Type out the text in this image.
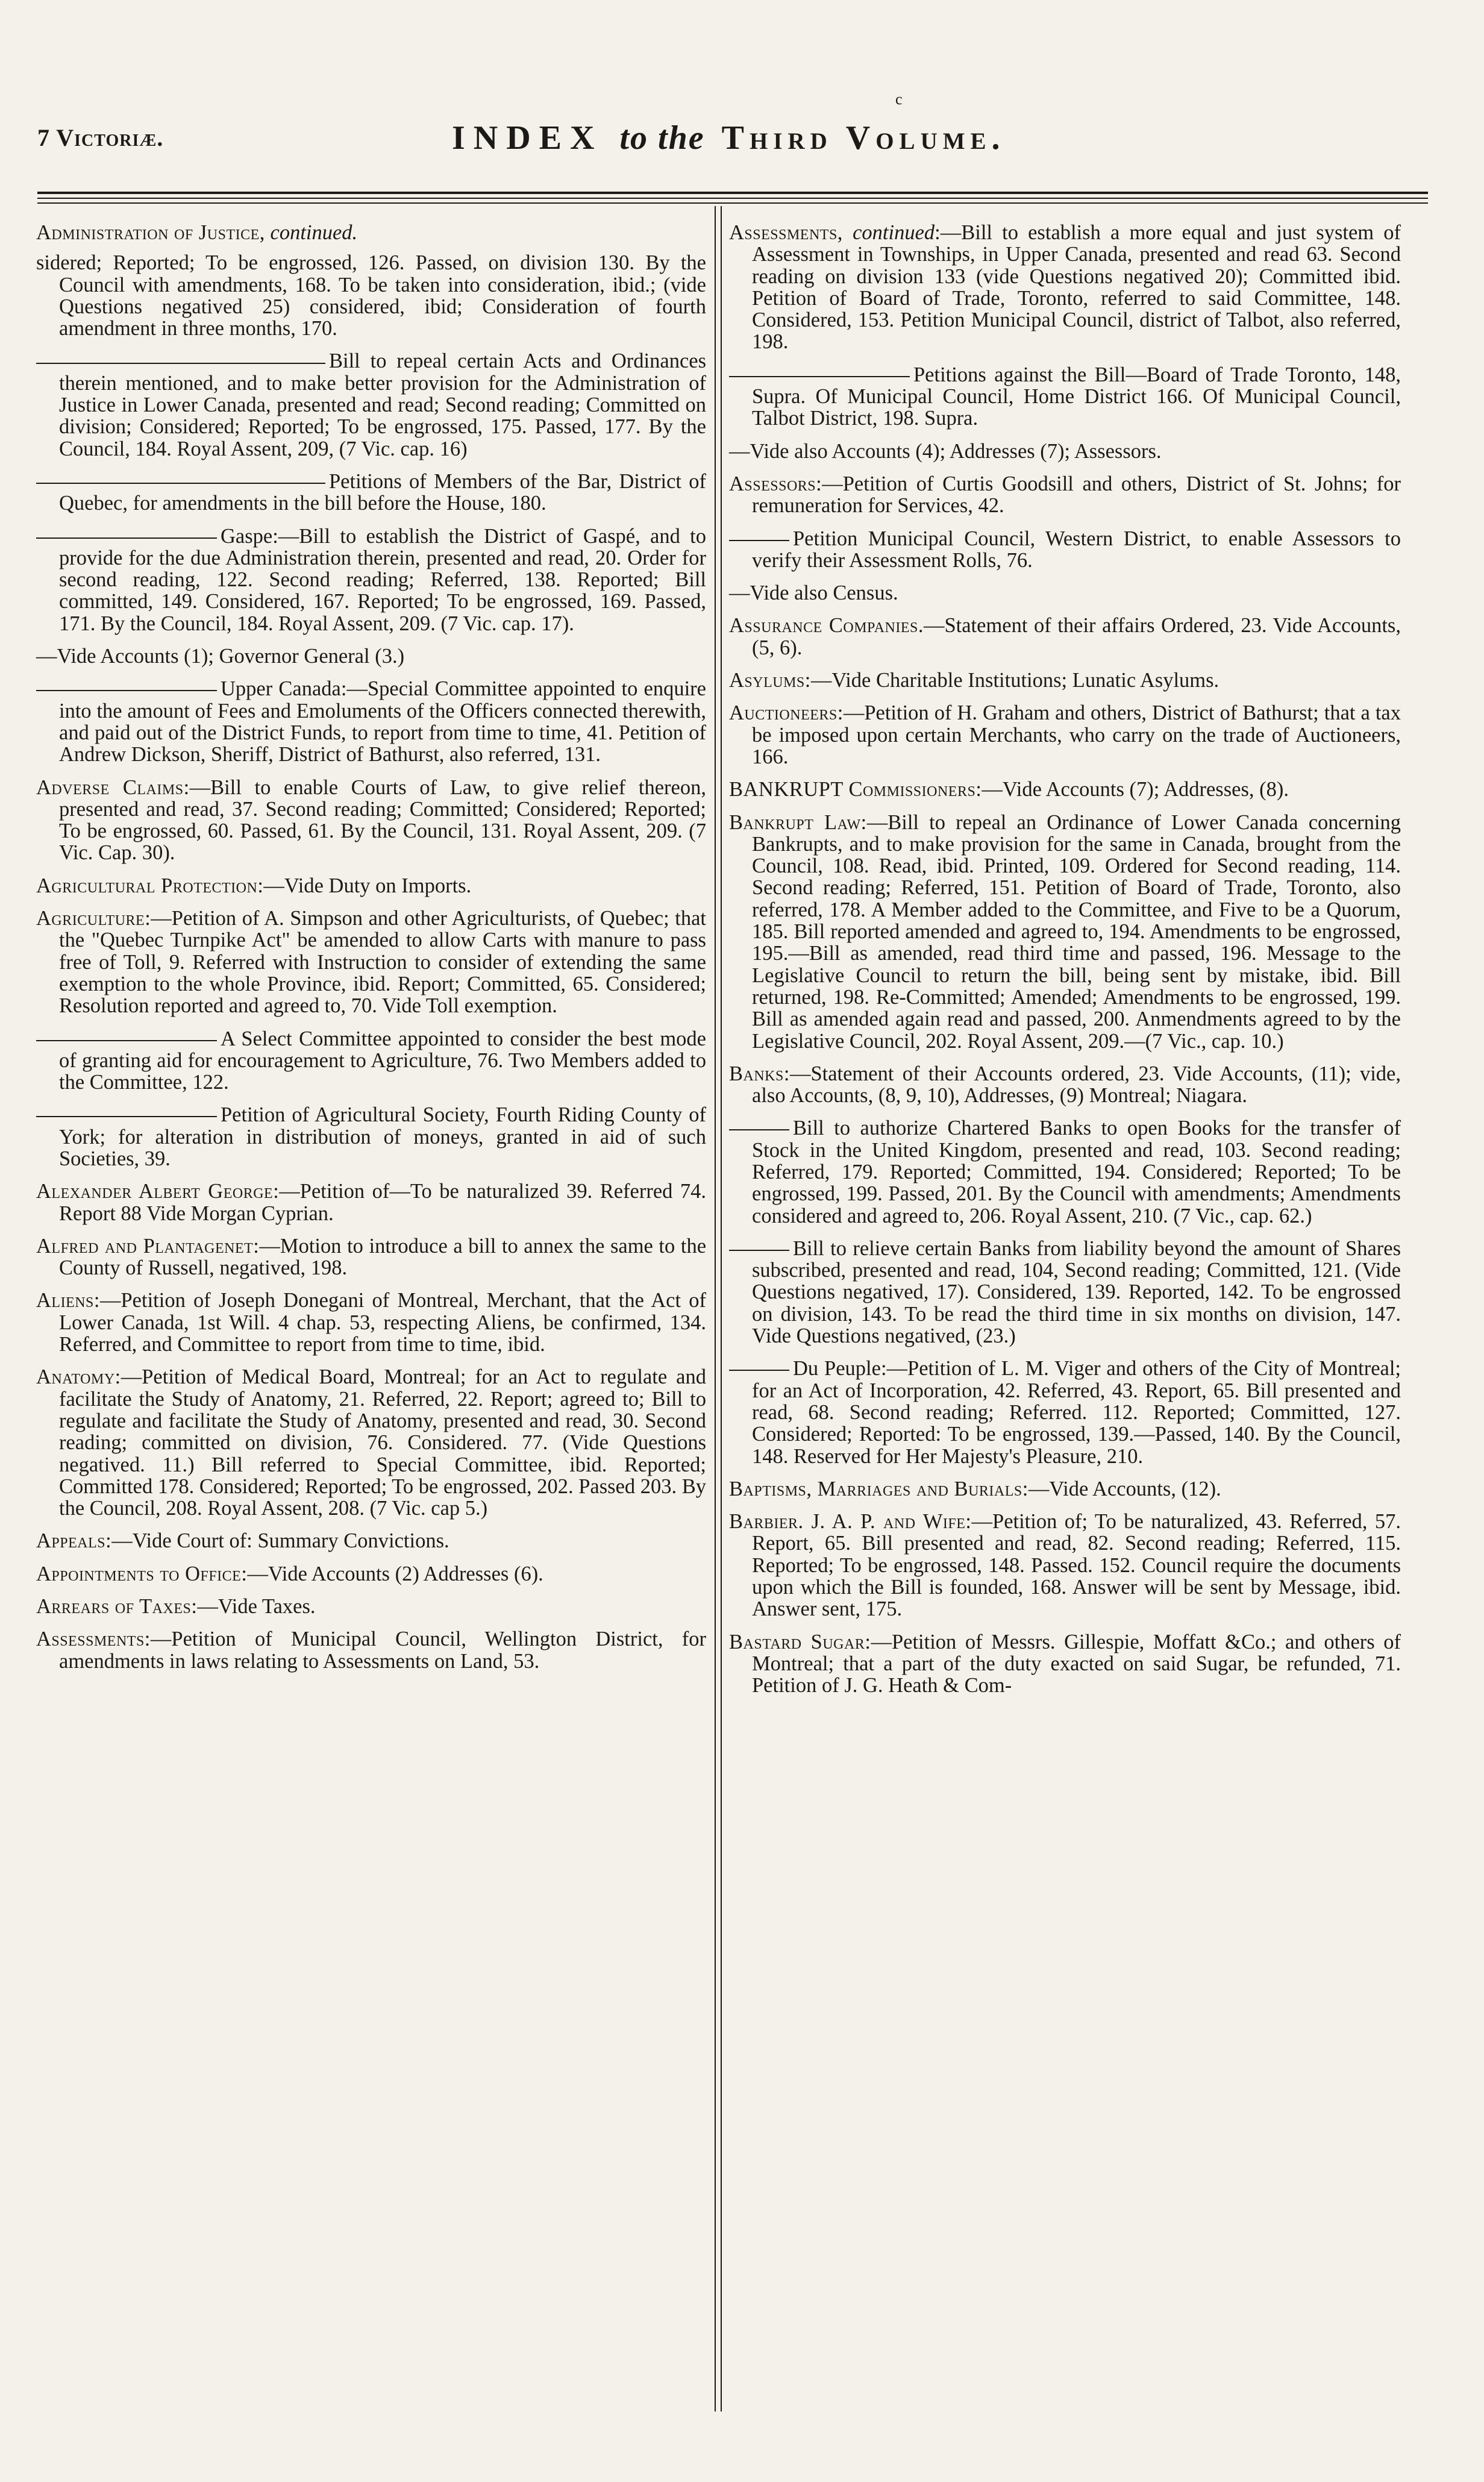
c
7 Victoriæ.	INDEX to the Third Volume.

Administration of Justice, continued.

sidered; Reported; To be engrossed, 126. Passed, on division 130. By the Council with amendments, 168. To be taken into consideration, ibid.; (vide Questions negatived 25) considered, ibid; Consideration of fourth amendment in three months, 170.

Bill to repeal certain Acts and Ordinances therein mentioned, and to make better provision for the Administration of Justice in Lower Canada, presented and read; Second reading; Committed on division; Considered; Reported; To be engrossed, 175. Passed, 177. By the Council, 184. Royal Assent, 209, (7 Vic. cap. 16)

Petitions of Members of the Bar, District of Quebec, for amendments in the bill before the House, 180.

Gaspe:—Bill to establish the District of Gaspé, and to provide for the due Administration therein, presented and read, 20. Order for second reading, 122. Second reading; Referred, 138. Reported; Bill committed, 149. Considered, 167. Reported; To be engrossed, 169. Passed, 171. By the Council, 184. Royal Assent, 209. (7 Vic. cap. 17).

—Vide Accounts (1); Governor General (3.)

Upper Canada:—Special Committee appointed to enquire into the amount of Fees and Emoluments of the Officers connected therewith, and paid out of the District Funds, to report from time to time, 41. Petition of Andrew Dickson, Sheriff, District of Bathurst, also referred, 131.

Adverse Claims:—Bill to enable Courts of Law, to give relief thereon, presented and read, 37. Second reading; Committed; Considered; Reported; To be engrossed, 60. Passed, 61. By the Council, 131. Royal Assent, 209. (7 Vic. Cap. 30).

Agricultural Protection:—Vide Duty on Imports.

Agriculture:—Petition of A. Simpson and other Agriculturists, of Quebec; that the "Quebec Turnpike Act" be amended to allow Carts with manure to pass free of Toll, 9. Referred with Instruction to consider of extending the same exemption to the whole Province, ibid. Report; Committed, 65. Considered; Resolution reported and agreed to, 70. Vide Toll exemption.

A Select Committee appointed to consider the best mode of granting aid for encouragement to Agriculture, 76. Two Members added to the Committee, 122.

Petition of Agricultural Society, Fourth Riding County of York; for alteration in distribution of moneys, granted in aid of such Societies, 39.

Alexander Albert George:—Petition of—To be naturalized 39. Referred 74. Report 88 Vide Morgan Cyprian.

Alfred and Plantagenet:—Motion to introduce a bill to annex the same to the County of Russell, negatived, 198.

Aliens:—Petition of Joseph Donegani of Montreal, Merchant, that the Act of Lower Canada, 1st Will. 4 chap. 53, respecting Aliens, be confirmed, 134. Referred, and Committee to report from time to time, ibid.

Anatomy:—Petition of Medical Board, Montreal; for an Act to regulate and facilitate the Study of Anatomy, 21. Referred, 22. Report; agreed to; Bill to regulate and facilitate the Study of Anatomy, presented and read, 30. Second reading; committed on division, 76. Considered. 77. (Vide Questions negatived. 11.) Bill referred to Special Committee, ibid. Reported; Committed 178. Considered; Reported; To be engrossed, 202. Passed 203. By the Council, 208. Royal Assent, 208. (7 Vic. cap 5.)

Appeals:—Vide Court of: Summary Convictions.

Appointments to Office:—Vide Accounts (2) Addresses (6).

Arrears of Taxes:—Vide Taxes.

Assessments:—Petition of Municipal Council, Wellington District, for amendments in laws relating to Assessments on Land, 53.

Assessments, continued:—Bill to establish a more equal and just system of Assessment in Townships, in Upper Canada, presented and read 63. Second reading on division 133 (vide Questions negatived 20); Committed ibid. Petition of Board of Trade, Toronto, referred to said Committee, 148. Considered, 153. Petition Municipal Council, district of Talbot, also referred, 198.

Petitions against the Bill—Board of Trade Toronto, 148, Supra. Of Municipal Council, Home District 166. Of Municipal Council, Talbot District, 198. Supra.

—Vide also Accounts (4); Addresses (7); Assessors.

Assessors:—Petition of Curtis Goodsill and others, District of St. Johns; for remuneration for Services, 42.

Petition Municipal Council, Western District, to enable Assessors to verify their Assessment Rolls, 76.

—Vide also Census.

Assurance Companies.—Statement of their affairs Ordered, 23. Vide Accounts, (5, 6).

Asylums:—Vide Charitable Institutions; Lunatic Asylums.

Auctioneers:—Petition of H. Graham and others, District of Bathurst; that a tax be imposed upon certain Merchants, who carry on the trade of Auctioneers, 166.

BANKRUPT Commissioners:—Vide Accounts (7); Addresses, (8).

Bankrupt Law:—Bill to repeal an Ordinance of Lower Canada concerning Bankrupts, and to make provision for the same in Canada, brought from the Council, 108. Read, ibid. Printed, 109. Ordered for Second reading, 114. Second reading; Referred, 151. Petition of Board of Trade, Toronto, also referred, 178. A Member added to the Committee, and Five to be a Quorum, 185. Bill reported amended and agreed to, 194. Amendments to be engrossed, 195.—Bill as amended, read third time and passed, 196. Message to the Legislative Council to return the bill, being sent by mistake, ibid. Bill returned, 198. Re-Committed; Amended; Amendments to be engrossed, 199. Bill as amended again read and passed, 200. Anmendments agreed to by the Legislative Council, 202. Royal Assent, 209.—(7 Vic., cap. 10.)

Banks:—Statement of their Accounts ordered, 23. Vide Accounts, (11); vide, also Accounts, (8, 9, 10), Addresses, (9) Montreal; Niagara.

Bill to authorize Chartered Banks to open Books for the transfer of Stock in the United Kingdom, presented and read, 103. Second reading; Referred, 179. Reported; Committed, 194. Considered; Reported; To be engrossed, 199. Passed, 201. By the Council with amendments; Amendments considered and agreed to, 206. Royal Assent, 210. (7 Vic., cap. 62.)

Bill to relieve certain Banks from liability beyond the amount of Shares subscribed, presented and read, 104, Second reading; Committed, 121. (Vide Questions negatived, 17). Considered, 139. Reported, 142. To be engrossed on division, 143. To be read the third time in six months on division, 147. Vide Questions negatived, (23.)

Du Peuple:—Petition of L. M. Viger and others of the City of Montreal; for an Act of Incorporation, 42. Referred, 43. Report, 65. Bill presented and read, 68. Second reading; Referred. 112. Reported; Committed, 127. Considered; Reported: To be engrossed, 139.—Passed, 140. By the Council, 148. Reserved for Her Majesty's Pleasure, 210.

Baptisms, Marriages and Burials:—Vide Accounts, (12).

Barbier. J. A. P. and Wife:—Petition of; To be naturalized, 43. Referred, 57. Report, 65. Bill presented and read, 82. Second reading; Referred, 115. Reported; To be engrossed, 148. Passed. 152. Council require the documents upon which the Bill is founded, 168. Answer will be sent by Message, ibid. Answer sent, 175.

Bastard Sugar:—Petition of Messrs. Gillespie, Moffatt &Co.; and others of Montreal; that a part of the duty exacted on said Sugar, be refunded, 71. Petition of J. G. Heath & Com-
